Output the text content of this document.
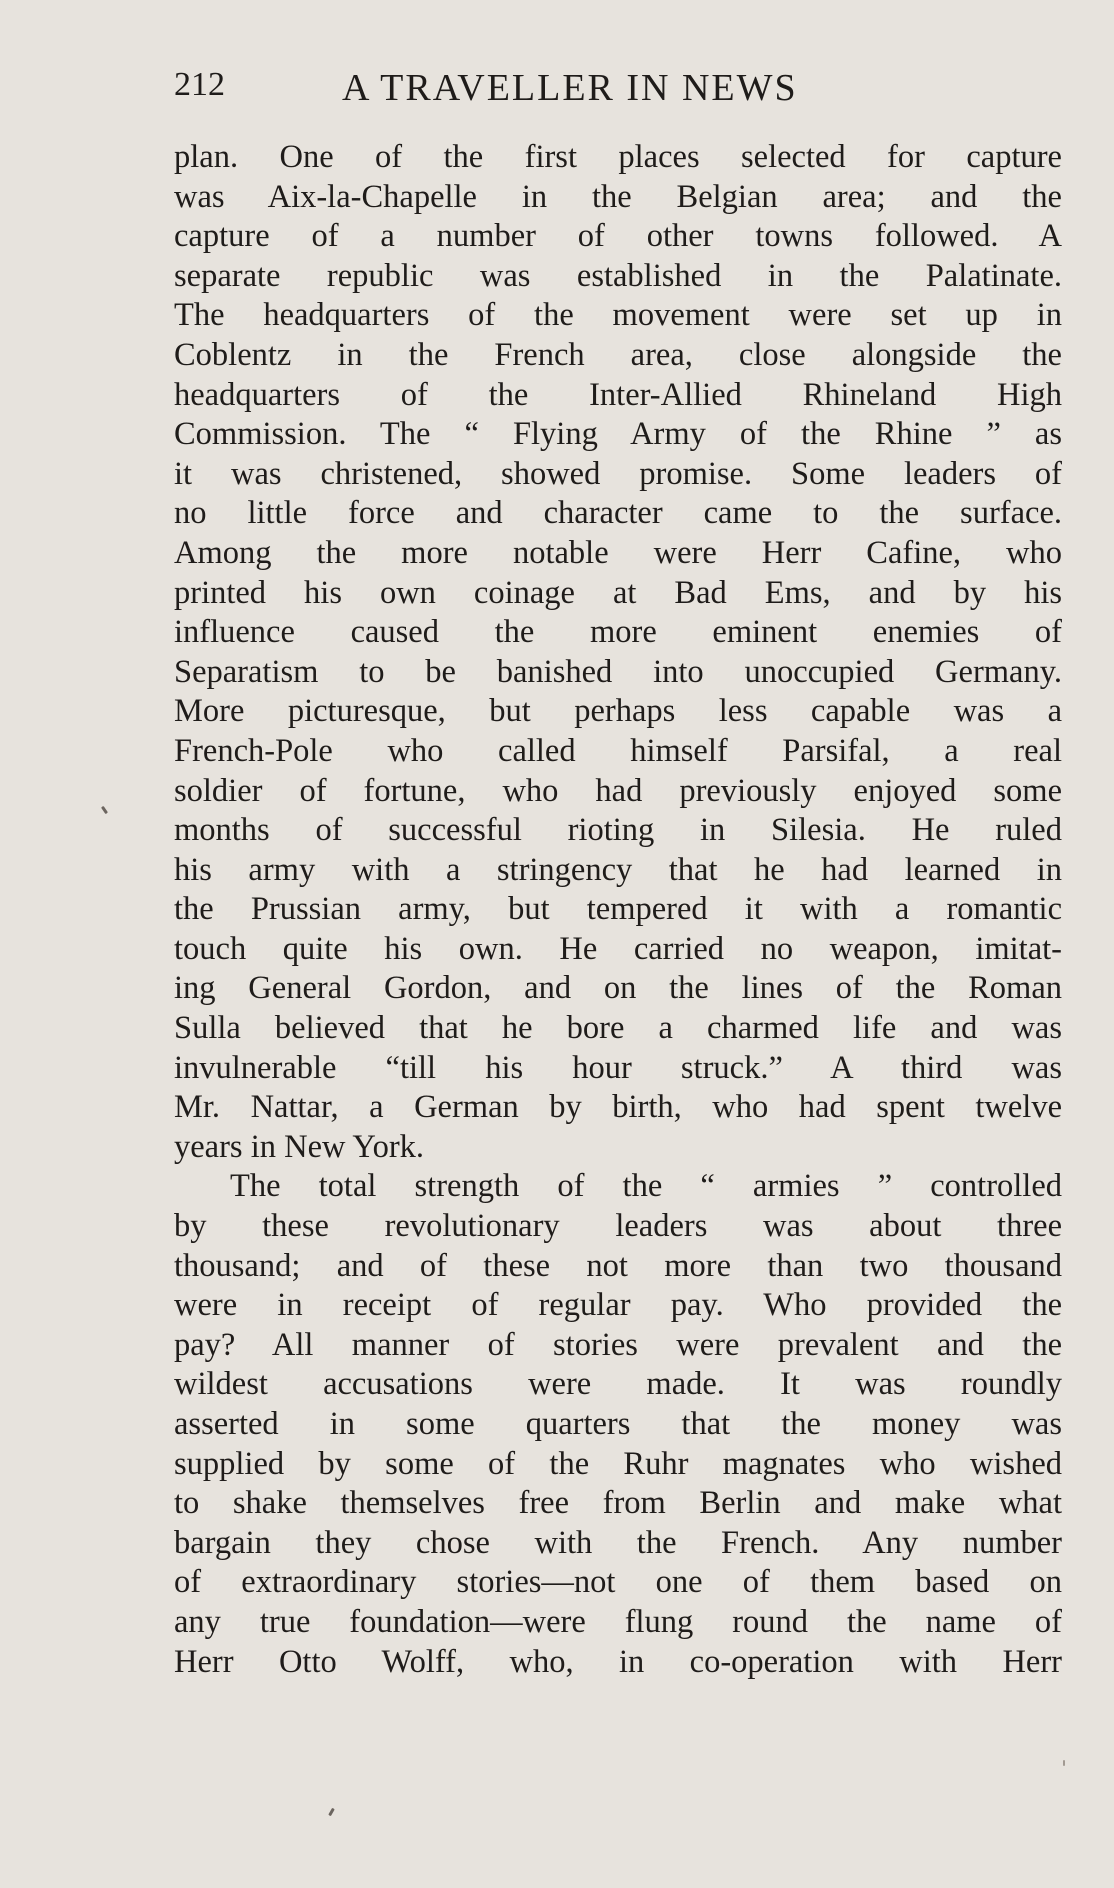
212	A TRAVELLER IN NEWS
plan. One of the first places selected for capture
was Aix-la-Chapelle in the Belgian area; and the
capture of a number of other towns followed. A
separate republic was established in the Palatinate.
The headquarters of the movement were set up in
Coblentz in the French area, close alongside the
headquarters of the Inter-Allied Rhineland High
Commission. The “ Flying Army of the Rhine ” as
it was christened, showed promise. Some leaders of
no little force and character came to the surface.
Among the more notable were Herr Cafine, who
printed his own coinage at Bad Ems, and by his
influence caused the more eminent enemies of
Separatism to be banished into unoccupied Germany.
More picturesque, but perhaps less capable was a
French-Pole who called himself Parsifal, a real
soldier of fortune, who had previously enjoyed some
months of successful rioting in Silesia. He ruled
his army with a stringency that he had learned in
the Prussian army, but tempered it with a romantic
touch quite his own. He carried no weapon, imitat-
ing General Gordon, and on the lines of the Roman
Sulla believed that he bore a charmed life and was
invulnerable “till his hour struck.” A third was
Mr. Nattar, a German by birth, who had spent twelve
years in New York.
The total strength of the “ armies ” controlled
by these revolutionary leaders was about three
thousand; and of these not more than two thousand
were in receipt of regular pay. Who provided the
pay? All manner of stories were prevalent and the
wildest accusations were made. It was roundly
asserted in some quarters that the money was
supplied by some of the Ruhr magnates who wished
to shake themselves free from Berlin and make what
bargain they chose with the French. Any number
of extraordinary stories—not one of them based on
any true foundation—were flung round the name of
Herr Otto Wolff, who, in co-operation with Herr
